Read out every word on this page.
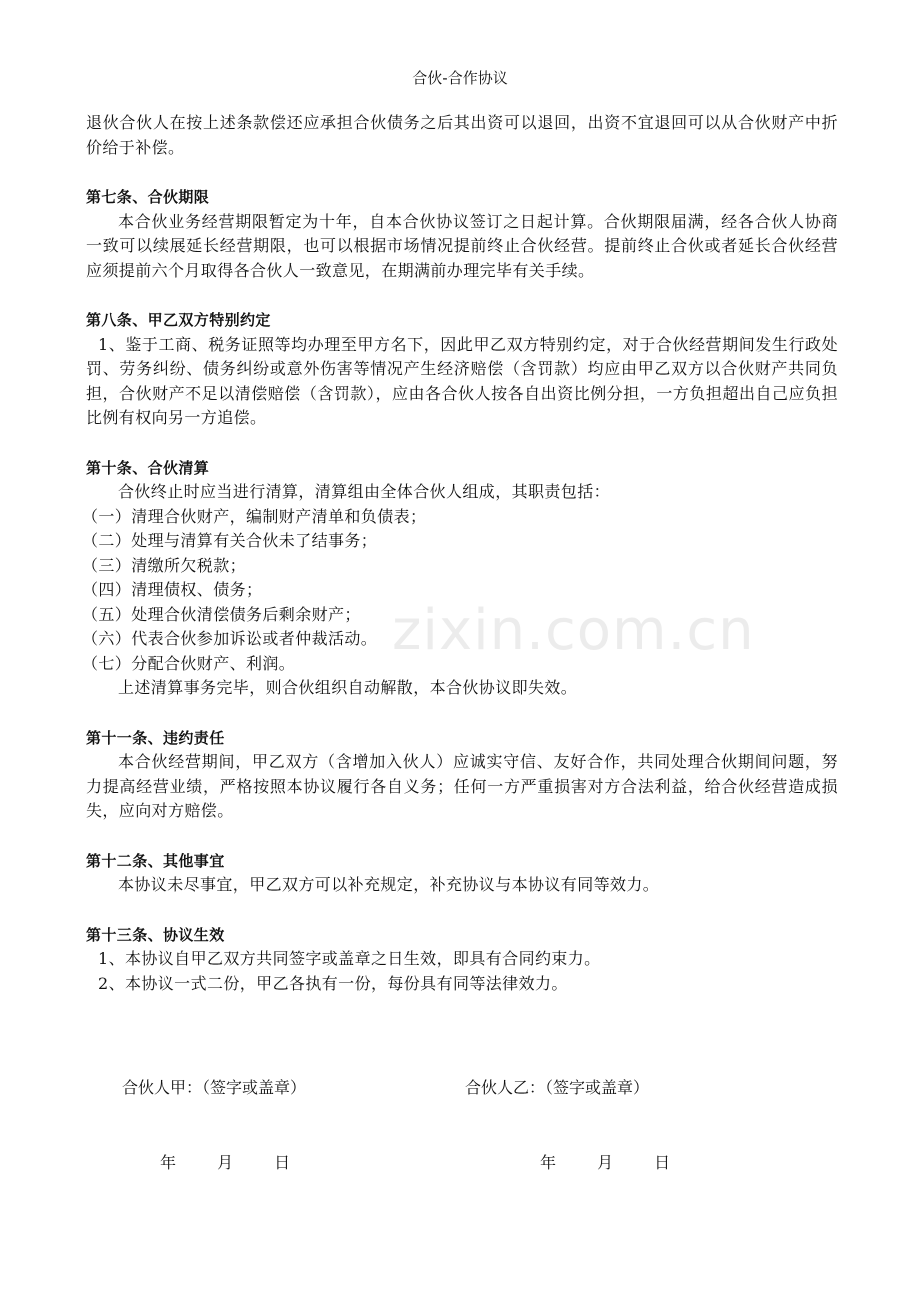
合伙-合作协议

退伙合伙人在按上述条款偿还应承担合伙债务之后其出资可以退回，出资不宜退回可以从合伙财产中折价给于补偿。

第七条、合伙期限

本合伙业务经营期限暂定为十年，自本合伙协议签订之日起计算。合伙期限届满，经各合伙人协商一致可以续展延长经营期限，也可以根据市场情况提前终止合伙经营。提前终止合伙或者延长合伙经营应须提前六个月取得各合伙人一致意见，在期满前办理完毕有关手续。

第八条、甲乙双方特别约定

1、鉴于工商、税务证照等均办理至甲方名下，因此甲乙双方特别约定，对于合伙经营期间发生行政处罚、劳务纠纷、债务纠纷或意外伤害等情况产生经济赔偿（含罚款）均应由甲乙双方以合伙财产共同负担，合伙财产不足以清偿赔偿（含罚款），应由各合伙人按各自出资比例分担，一方负担超出自己应负担比例有权向另一方追偿。

第十条、合伙清算

合伙终止时应当进行清算，清算组由全体合伙人组成，其职责包括：

（一）清理合伙财产，编制财产清单和负债表；

（二）处理与清算有关合伙未了结事务；

（三）清缴所欠税款；

（四）清理债权、债务；

（五）处理合伙清偿债务后剩余财产；

（六）代表合伙参加诉讼或者仲裁活动。

（七）分配合伙财产、利润。

上述清算事务完毕，则合伙组织自动解散，本合伙协议即失效。

第十一条、违约责任

本合伙经营期间，甲乙双方（含增加入伙人）应诚实守信、友好合作，共同处理合伙期间问题，努力提高经营业绩，严格按照本协议履行各自义务；任何一方严重损害对方合法利益，给合伙经营造成损失，应向对方赔偿。

第十二条、其他事宜

本协议未尽事宜，甲乙双方可以补充规定，补充协议与本协议有同等效力。

第十三条、协议生效

1、本协议自甲乙双方共同签字或盖章之日生效，即具有合同约束力。

2、本协议一式二份，甲乙各执有一份，每份具有同等法律效力。

合伙人甲：（签字或盖章）	合伙人乙：（签字或盖章）
年 月 日	年 月 日
zixin.com.cn
